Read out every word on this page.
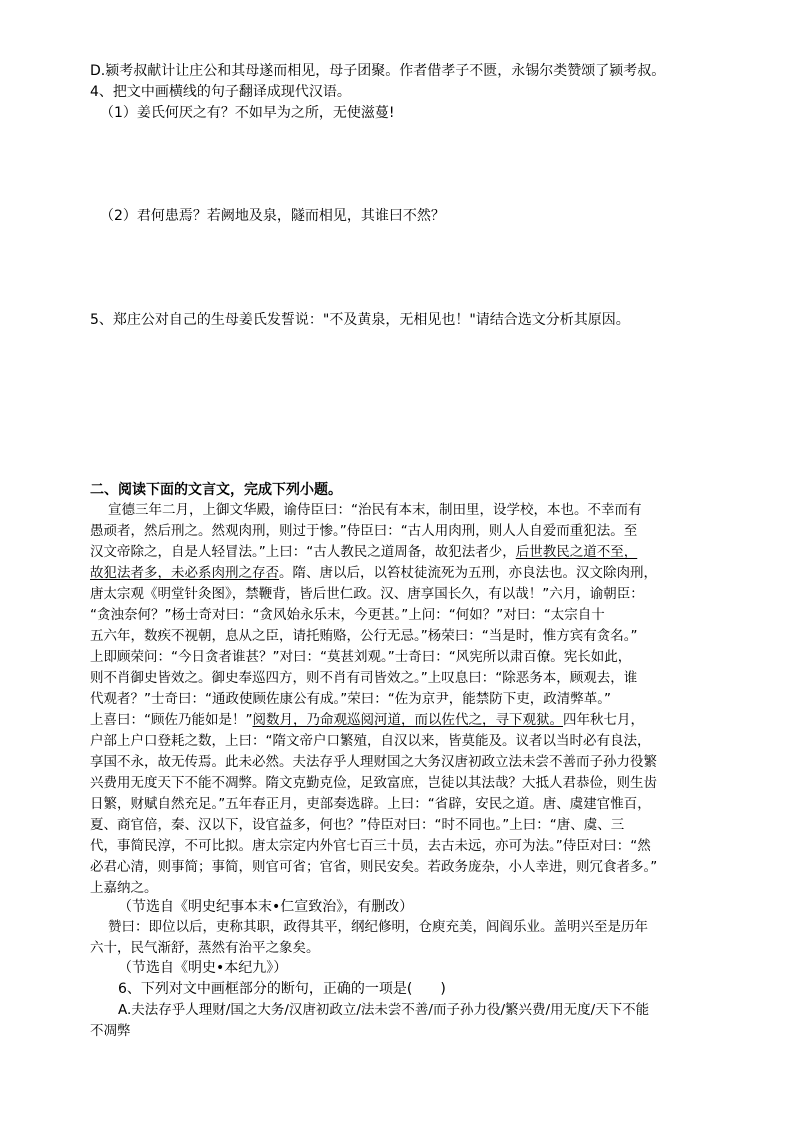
D.颍考叔献计让庄公和其母遂而相见，母子团聚。作者借孝子不匮，永锡尔类赞颂了颍考叔。
4、把文中画横线的句子翻译成现代汉语。
（1）姜氏何厌之有？不如早为之所，无使滋蔓!
（2）君何患焉？若阙地及泉，隧而相见，其谁曰不然？
5、郑庄公对自己的生母姜氏发誓说："不及黄泉，无相见也！"请结合选文分析其原因。
二、阅读下面的文言文，完成下列小题。
宣德三年二月，上御文华殿，谕侍臣曰：“治民有本末，制田里，设学校，本也。不幸而有
愚顽者，然后刑之。然观肉刑，则过于惨。”侍臣曰：“古人用肉刑，则人人自爱而重犯法。至
汉文帝除之，自是人轻冒法。”上曰：“古人教民之道周备，故犯法者少，后世教民之道不至，
故犯法者多，未必系肉刑之存否。隋、唐以后，以笞杖徒流死为五刑，亦良法也。汉文除肉刑，
唐太宗观《明堂针灸图》，禁鞭背，皆后世仁政。汉、唐享国长久，有以哉！”六月，谕朝臣：
“贪浊奈何？”杨士奇对曰：“贪风始永乐末，今更甚。”上问：“何如？”对曰：“太宗自十
五六年，数疾不视朝，息从之臣，请托贿赂，公行无忌。”杨荣曰：“当是时，惟方宾有贪名。”
上即顾荣问：“今日贪者谁甚？”对曰：“莫甚刘观。”士奇曰：“风宪所以肃百僚。宪长如此，
则不肖御史皆效之。御史奉巡四方，则不肖有司皆效之。”上叹息曰：“除恶务本，顾观去，谁
代观者？”士奇曰：“通政使顾佐康公有成。”荣曰：“佐为京尹，能禁防下吏，政清弊革。”
上喜曰：“顾佐乃能如是！”阅数月，乃命观巡阅河道，而以佐代之，寻下观狱。四年秋七月，
户部上户口登耗之数，上曰：“隋文帝户口繁殖，自汉以来，皆莫能及。议者以当时必有良法，
享国不永，故无传焉。此未必然。夫法存乎人理财国之大务汉唐初政立法未尝不善而子孙力役繁
兴费用无度天下不能不凋弊。隋文克勤克俭，足致富庶，岂徒以其法哉？大抵人君恭俭，则生齿
日繁，财赋自然充足。”五年春正月，吏部奏选辟。上曰：“省辟，安民之道。唐、虞建官惟百，
夏、商官倍，秦、汉以下，设官益多，何也？”侍臣对曰：“时不同也。”上曰：“唐、虞、三
代，事简民淳，不可比拟。唐太宗定内外官七百三十员，去古未远，亦可为法。”侍臣对曰：“然
必君心清，则事简；事简，则官可省；官省，则民安矣。若政务庞杂，小人幸进，则冗食者多。”
上嘉纳之。
（节选自《明史纪事本末•仁宣致治》，有删改）
赞曰：即位以后，吏称其职，政得其平，纲纪修明，仓庾充美，闾阎乐业。盖明兴至是历年
六十，民气渐舒，蒸然有治平之象矣。
（节选自《明史•本纪九》）
6、下列对文中画框部分的断句，正确的一项是(　　)
A.夫法存乎人理财/国之大务/汉唐初政立/法未尝不善/而子孙力役/繁兴费/用无度/天下不能
不凋弊
